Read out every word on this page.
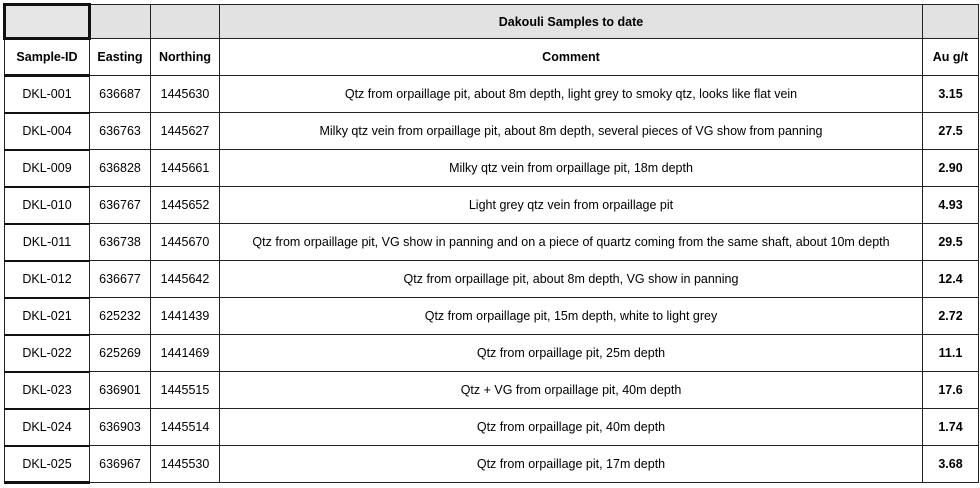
			Dakouli Samples to date	
Sample-ID	Easting	Northing	Comment	Au g/t
DKL-001	636687	1445630	Qtz from orpaillage pit, about 8m depth, light grey to smoky qtz, looks like flat vein	3.15
DKL-004	636763	1445627	Milky qtz vein from orpaillage pit, about 8m depth, several pieces of VG show from panning	27.5
DKL-009	636828	1445661	Milky qtz vein from orpaillage pit, 18m depth	2.90
DKL-010	636767	1445652	Light grey qtz vein from orpaillage pit	4.93
DKL-011	636738	1445670	Qtz from orpaillage pit, VG show in panning and on a piece of quartz coming from the same shaft, about 10m depth	29.5
DKL-012	636677	1445642	Qtz from orpaillage pit, about 8m depth, VG show in panning	12.4
DKL-021	625232	1441439	Qtz from orpaillage pit, 15m depth, white to light grey	2.72
DKL-022	625269	1441469	Qtz from orpaillage pit, 25m depth	11.1
DKL-023	636901	1445515	Qtz + VG from orpaillage pit, 40m depth	17.6
DKL-024	636903	1445514	Qtz from orpaillage pit, 40m depth	1.74
DKL-025	636967	1445530	Qtz from orpaillage pit, 17m depth	3.68
